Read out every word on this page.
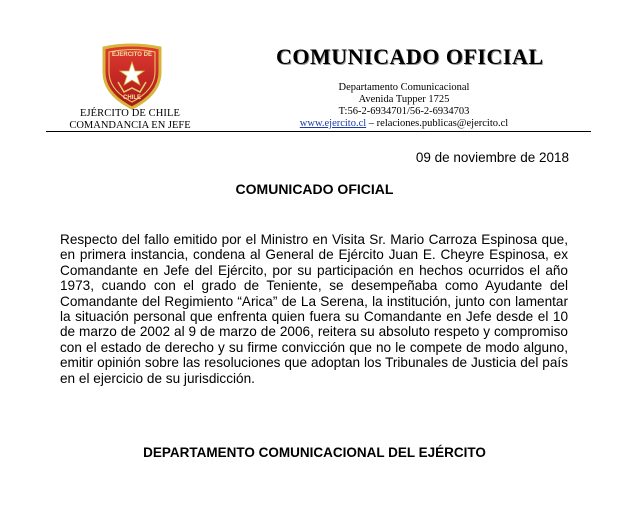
EJERCITO DE
CHILE
EJÉRCITO DE CHILE
COMANDANCIA EN JEFE
COMUNICADO OFICIAL
Departamento Comunicacional
Avenida Tupper 1725
T:56-2-6934701/56-2-6934703
www.ejercito.cl – relaciones.publicas@ejercito.cl
09 de noviembre de 2018
COMUNICADO OFICIAL
Respecto del fallo emitido por el Ministro en Visita Sr. Mario Carroza Espinosa que, en primera instancia, condena al General de Ejército Juan E. Cheyre Espinosa, ex Comandante en Jefe del Ejército, por su participación en hechos ocurridos el año 1973, cuando con el grado de Teniente, se desempeñaba como Ayudante del Comandante del Regimiento “Arica” de La Serena, la institución, junto con lamentar la situación personal que enfrenta quien fuera su Comandante en Jefe desde el 10 de marzo de 2002 al 9 de marzo de 2006, reitera su absoluto respeto y compromiso con el estado de derecho y su firme convicción que no le compete de modo alguno, emitir opinión sobre las resoluciones que adoptan los Tribunales de Justicia del país en el ejercicio de su jurisdicción.
DEPARTAMENTO COMUNICACIONAL DEL EJÉRCITO
